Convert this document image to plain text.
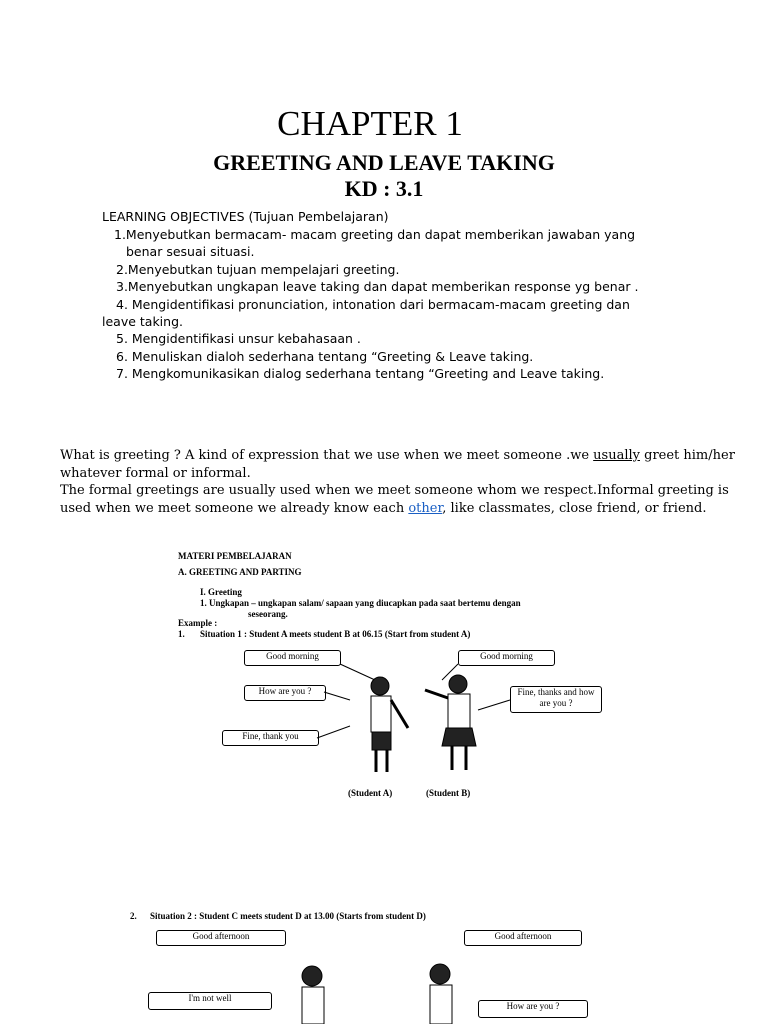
CHAPTER 1
GREETING AND LEAVE TAKING
KD : 3.1
LEARNING OBJECTIVES (Tujuan Pembelajaran)
1.Menyebutkan bermacam- macam greeting dan dapat memberikan jawaban yang
benar sesuai situasi.
2.Menyebutkan tujuan mempelajari greeting.
3.Menyebutkan ungkapan leave taking dan dapat memberikan response yg benar .
4. Mengidentifikasi pronunciation, intonation dari bermacam-macam greeting dan
leave taking.
5. Mengidentifikasi unsur kebahasaan .
6. Menuliskan dialoh sederhana tentang “Greeting & Leave taking.
7. Mengkomunikasikan dialog sederhana tentang “Greeting and Leave taking.
What is greeting ? A kind of expression that we use when we meet someone .we usually greet him/her whatever formal or informal.
The formal greetings are usually used when we meet someone whom we respect.Informal greeting is used when we meet someone we already know each other, like classmates, close friend, or friend.
MATERI PEMBELAJARAN
A. GREETING AND PARTING
I. Greeting
1. Ungkapan – ungkapan salam/ sapaan yang diucapkan pada saat bertemu dengan
seseorang.
Example :
1. Situation 1 : Student A meets student B at 06.15 (Start from student A)
Good morning
How are you ?
Fine, thank you
Good morning
Fine, thanks and how are you ?
(Student A)	(Student B)
2. Situation 2 : Student C meets student D at 13.00 (Starts from student D)
Good afternoon	Good afternoon
I'm not well
How are you ?
